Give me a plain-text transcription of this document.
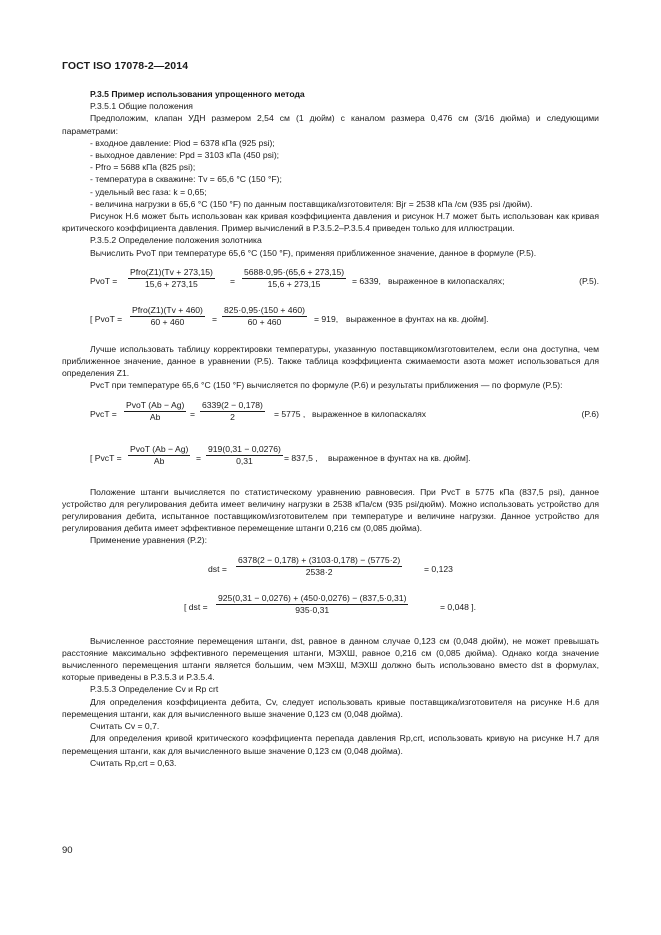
ГОСТ ISO 17078-2—2014

P.3.5 Пример использования упрощенного метода

P.3.5.1 Общие положения

Предположим, клапан УДН размером 2,54 см (1 дюйм) с каналом размера 0,476 см (3/16 дюйма) и следующими параметрами:

- входное давление: Piod = 6378 кПа (925 psi);

- выходное давление: Ppd = 3103 кПа (450 psi);

- Pfro = 5688 кПа (825 psi);

- температура в скважине: Tv = 65,6 °C (150 °F);

- удельный вес газа: k = 0,65;

- величина нагрузки в 65,6 °C (150 °F) по данным поставщика/изготовителя: Bjr = 2538 кПа /см (935 psi /дюйм).

Рисунок H.6 может быть использован как кривая коэффициента давления и рисунок H.7 может быть использован как кривая критического коэффициента давления. Пример вычислений в P.3.5.2–P.3.5.4 приведен только для иллюстрации.

P.3.5.2 Определение положения золотника

Вычислить PvoT при температуре 65,6 °C (150 °F), применяя приближенное значение, данное в формуле (P.5).

PvoT = $\frac{\text{Pfro(Z1)(Tv + 273,15)}}{15,6 + 273,15} = \frac{5688\cdot 0,95\cdot(65,6 + 273,15)}{15,6 + 273,15} = 6339$, выраженное в килопаскалях;	(P.5).
[ PvoT = $\frac{\text{Pfro(Z1)(Tv + 460)}}{60 + 460} = \frac{825\cdot 0,95\cdot(150 + 460)}{60 + 460} = 919$, выраженное в фунтах на кв. дюйм].

Лучше использовать таблицу корректировки температуры, указанную поставщиком/изготовителем, если она доступна, чем приближенное значение, данное в уравнении (P.5). Также таблица коэффициента сжимаемости азота может использоваться для определения Z1.

PvcT при температуре 65,6 °C (150 °F) вычисляется по формуле (P.6) и результаты приближения — по формуле (P.5):

PvcT = $\frac{\text{PvoT (Ab − Ag)}}{Ab} = \frac{6339(2 - 0,178)}{2} = 5775$ , выраженное в килопаскалях	(P.6)
[ PvcT = $\frac{\text{PvoT (Ab − Ag)}}{Ab} = \frac{919(0,31 - 0,0276)}{0,31} = 837,5$ , выраженное в фунтах на кв. дюйм].

Положение штанги вычисляется по статистическому уравнению равновесия. При PvcT в 5775 кПа (837,5 psi), данное устройство для регулирования дебита имеет величину нагрузки в 2538 кПа/см (935 psi/дюйм). Можно использовать устройство для регулирования дебита, испытанное поставщиком/изготовителем при температуре и величине нагрузки. Данное устройство для регулирования дебита имеет эффективное перемещение штанги 0,216 см (0,085 дюйма).

Применение уравнения (P.2):

dst = $\frac{6378(2 - 0,178) + (3103\cdot 0,178) - (5775\cdot 2)}{2538\cdot 2}$	= 0,123
[ dst = $\frac{925(0,31 - 0,0276) + (450\cdot 0,0276) - (837,5\cdot 0,31)}{935\cdot 0,31}$	= 0,048 ].

Вычисленное расстояние перемещения штанги, dst, равное в данном случае 0,123 см (0,048 дюйм), не может превышать расстояние максимально эффективного перемещения штанги, МЭХШ, равное 0,216 см (0,085 дюйма). Однако когда значение вычисленного перемещения штанги является большим, чем МЭХШ, МЭХШ должно быть использовано вместо dst в формулах, которые приведены в P.3.5.3 и P.3.5.4.

P.3.5.3 Определение Cv и Rp crt

Для определения коэффициента дебита, Cv, следует использовать кривые поставщика/изготовителя на рисунке H.6 для перемещения штанги, как для вычисленного выше значение 0,123 см (0,048 дюйма).

Считать Cv = 0,7.

Для определения кривой критического коэффициента перепада давления Rp,crt, использовать кривую на рисунке H.7 для перемещения штанги, как для вычисленного выше значение 0,123 см (0,048 дюйма).

Считать Rp,crt = 0,63.

90
